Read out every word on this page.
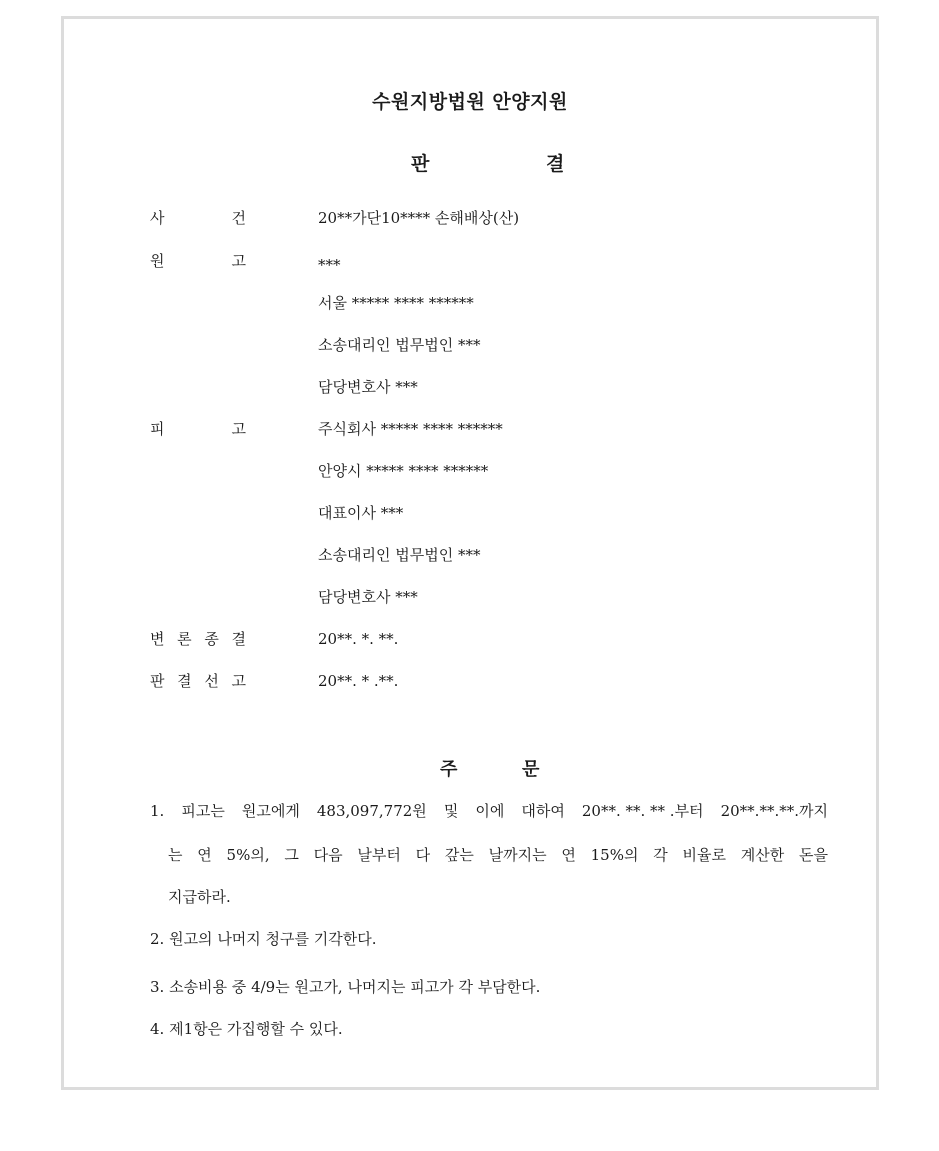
수원지방법원 안양지원
판	결
사	건	20**가단10**** 손해배상(산)
원	고	***
서울 ***** **** ******
소송대리인 법무법인 ***
담당변호사 ***
피	고	주식회사 ***** **** ******
안양시 ***** **** ******
대표이사 ***
소송대리인 법무법인 ***
담당변호사 ***
변 론 종 결	20**. *. **.
판 결 선 고	20**. * .**.
주	문
1. 피고는 원고에게 483,097,772원 및 이에 대하여 20**. **. ** .부터 20**.**.**.까지
는 연 5%의, 그 다음 날부터 다 갚는 날까지는 연 15%의 각 비율로 계산한 돈을
지급하라.
2. 원고의 나머지 청구를 기각한다.
3. 소송비용 중 4/9는 원고가, 나머지는 피고가 각 부담한다.
4. 제1항은 가집행할 수 있다.
